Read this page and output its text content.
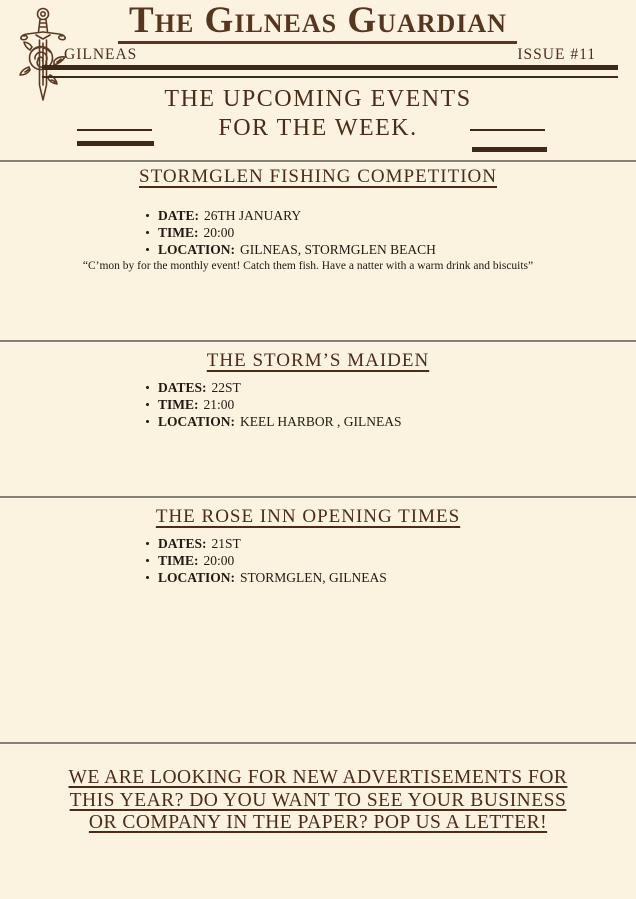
The Gilneas Guardian
GILNEAS	ISSUE #11
THE UPCOMING EVENTS
FOR THE WEEK.
STORMGLEN FISHING COMPETITION
DATE: 26TH JANUARY
TIME: 20:00
LOCATION: GILNEAS, STORMGLEN BEACH
“C’mon by for the monthly event! Catch them fish. Have a natter with a warm drink and biscuits”
THE STORM’S MAIDEN
DATES: 22ST
TIME: 21:00
LOCATION: KEEL HARBOR , GILNEAS
THE ROSE INN OPENING TIMES
DATES: 21ST
TIME: 20:00
LOCATION: STORMGLEN, GILNEAS
WE ARE LOOKING FOR NEW ADVERTISEMENTS FOR
THIS YEAR? DO YOU WANT TO SEE YOUR BUSINESS
OR COMPANY IN THE PAPER? POP US A LETTER!
